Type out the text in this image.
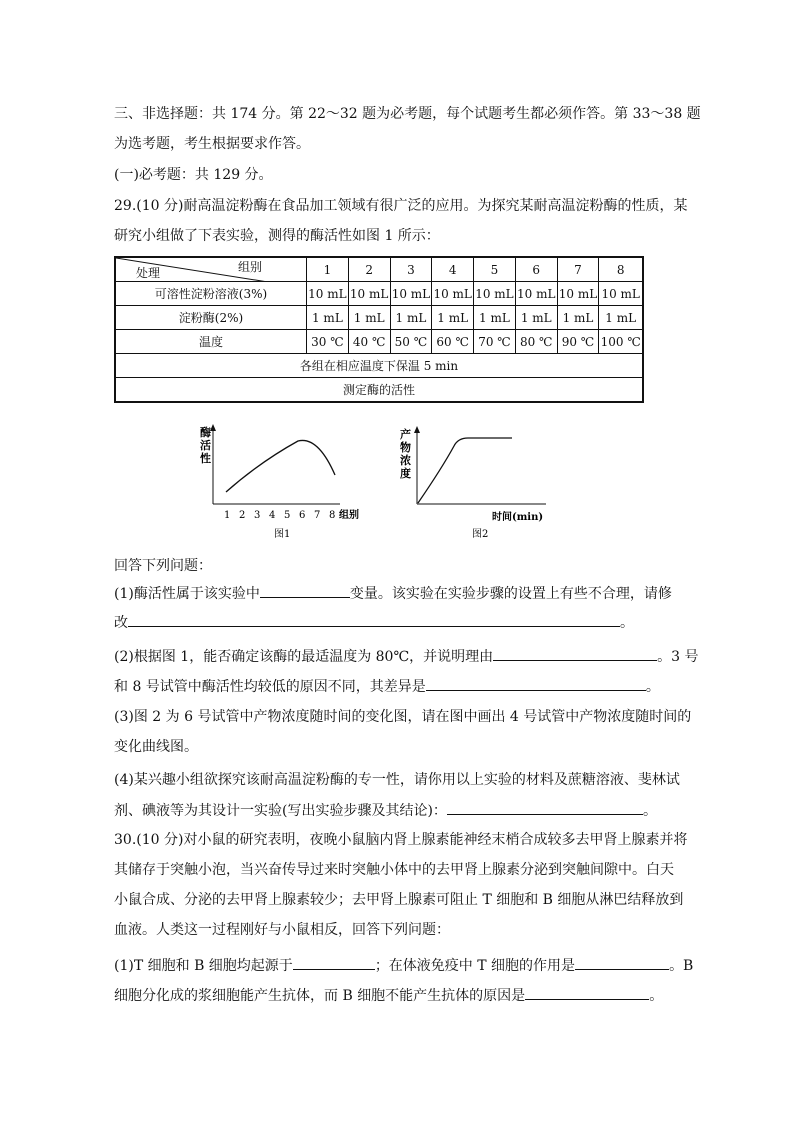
三、非选择题：共 174 分。第 22～32 题为必考题，每个试题考生都必须作答。第 33～38 题
为选考题，考生根据要求作答。
(一)必考题：共 129 分。
29.(10 分)耐高温淀粉酶在食品加工领域有很广泛的应用。为探究某耐高温淀粉酶的性质，某
研究小组做了下表实验，测得的酶活性如图 1 所示：
组别
处理	1	2	3	4	5	6	7	8
可溶性淀粉溶液(3%)	10 mL	10 mL	10 mL	10 mL	10 mL	10 mL	10 mL	10 mL
淀粉酶(2%)	1 mL	1 mL	1 mL	1 mL	1 mL	1 mL	1 mL	1 mL
温度	30 ℃	40 ℃	50 ℃	60 ℃	70 ℃	80 ℃	90 ℃	100 ℃
各组在相应温度下保温 5 min								
测定酶的活性								
酶
活
性
1 2 3 4 5 6 7 8 组别
图1
产
物
浓
度
时间(min)
图2
回答下列问题：
(1)酶活性属于该实验中	变量。该实验在实验步骤的设置上有些不合理，请修
改	。
(2)根据图 1，能否确定该酶的最适温度为 80℃，并说明理由	。3 号
和 8 号试管中酶活性均较低的原因不同，其差异是	。
(3)图 2 为 6 号试管中产物浓度随时间的变化图，请在图中画出 4 号试管中产物浓度随时间的
变化曲线图。
(4)某兴趣小组欲探究该耐高温淀粉酶的专一性，请你用以上实验的材料及蔗糖溶液、斐林试
剂、碘液等为其设计一实验(写出实验步骤及其结论)：	。
30.(10 分)对小鼠的研究表明，夜晚小鼠脑内肾上腺素能神经末梢合成较多去甲肾上腺素并将
其储存于突触小泡，当兴奋传导过来时突触小体中的去甲肾上腺素分泌到突触间隙中。白天
小鼠合成、分泌的去甲肾上腺素较少；去甲肾上腺素可阻止 T 细胞和 B 细胞从淋巴结释放到
血液。人类这一过程刚好与小鼠相反，回答下列问题：
(1)T 细胞和 B 细胞均起源于	；在体液免疫中 T 细胞的作用是	。B
细胞分化成的浆细胞能产生抗体，而 B 细胞不能产生抗体的原因是	。
